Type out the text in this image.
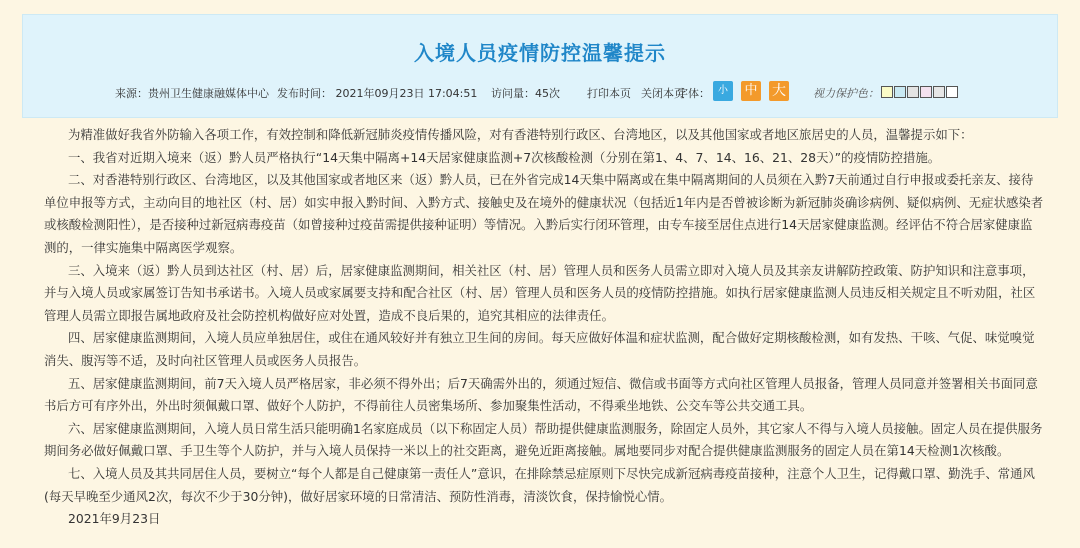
入境人员疫情防控温馨提示
来源：贵州卫生健康融媒体中心 发布时间： 2021年09月23日 17:04:51 访问量：45次 打印本页 关闭本页
字体： 小	中 大 视力保护色：

为精准做好我省外防输入各项工作，有效控制和降低新冠肺炎疫情传播风险，对有香港特别行政区、台湾地区，以及其他国家或者地区旅居史的人员，温馨提示如下：

一、我省对近期入境来（返）黔人员严格执行“14天集中隔离+14天居家健康监测+7次核酸检测（分别在第1、4、7、14、16、21、28天）”的疫情防控措施。

二、对香港特别行政区、台湾地区，以及其他国家或者地区来（返）黔人员，已在外省完成14天集中隔离或在集中隔离期间的人员须在入黔7天前通过自行申报或委托亲友、接待单位申报等方式，主动向目的地社区（村、居）如实申报入黔时间、入黔方式、接触史及在境外的健康状况（包括近1年内是否曾被诊断为新冠肺炎确诊病例、疑似病例、无症状感染者或核酸检测阳性），是否接种过新冠病毒疫苗（如曾接种过疫苗需提供接种证明）等情况。入黔后实行闭环管理，由专车接至居住点进行14天居家健康监测。经评估不符合居家健康监测的，一律实施集中隔离医学观察。

三、入境来（返）黔人员到达社区（村、居）后，居家健康监测期间，相关社区（村、居）管理人员和医务人员需立即对入境人员及其亲友讲解防控政策、防护知识和注意事项，并与入境人员或家属签订告知书承诺书。入境人员或家属要支持和配合社区（村、居）管理人员和医务人员的疫情防控措施。如执行居家健康监测人员违反相关规定且不听劝阻，社区管理人员需立即报告属地政府及社会防控机构做好应对处置，造成不良后果的，追究其相应的法律责任。

四、居家健康监测期间，入境人员应单独居住，或住在通风较好并有独立卫生间的房间。每天应做好体温和症状监测，配合做好定期核酸检测，如有发热、干咳、气促、味觉嗅觉消失、腹泻等不适，及时向社区管理人员或医务人员报告。

五、居家健康监测期间，前7天入境人员严格居家，非必须不得外出；后7天确需外出的，须通过短信、微信或书面等方式向社区管理人员报备，管理人员同意并签署相关书面同意书后方可有序外出，外出时须佩戴口罩、做好个人防护，不得前往人员密集场所、参加聚集性活动，不得乘坐地铁、公交车等公共交通工具。

六、居家健康监测期间，入境人员日常生活只能明确1名家庭成员（以下称固定人员）帮助提供健康监测服务，除固定人员外，其它家人不得与入境人员接触。固定人员在提供服务期间务必做好佩戴口罩、手卫生等个人防护，并与入境人员保持一米以上的社交距离，避免近距离接触。属地要同步对配合提供健康监测服务的固定人员在第14天检测1次核酸。

七、入境人员及其共同居住人员，要树立“每个人都是自己健康第一责任人”意识，在排除禁忌症原则下尽快完成新冠病毒疫苗接种，注意个人卫生，记得戴口罩、勤洗手、常通风(每天早晚至少通风2次，每次不少于30分钟)，做好居家环境的日常清洁、预防性消毒，清淡饮食，保持愉悦心情。

2021年9月23日
